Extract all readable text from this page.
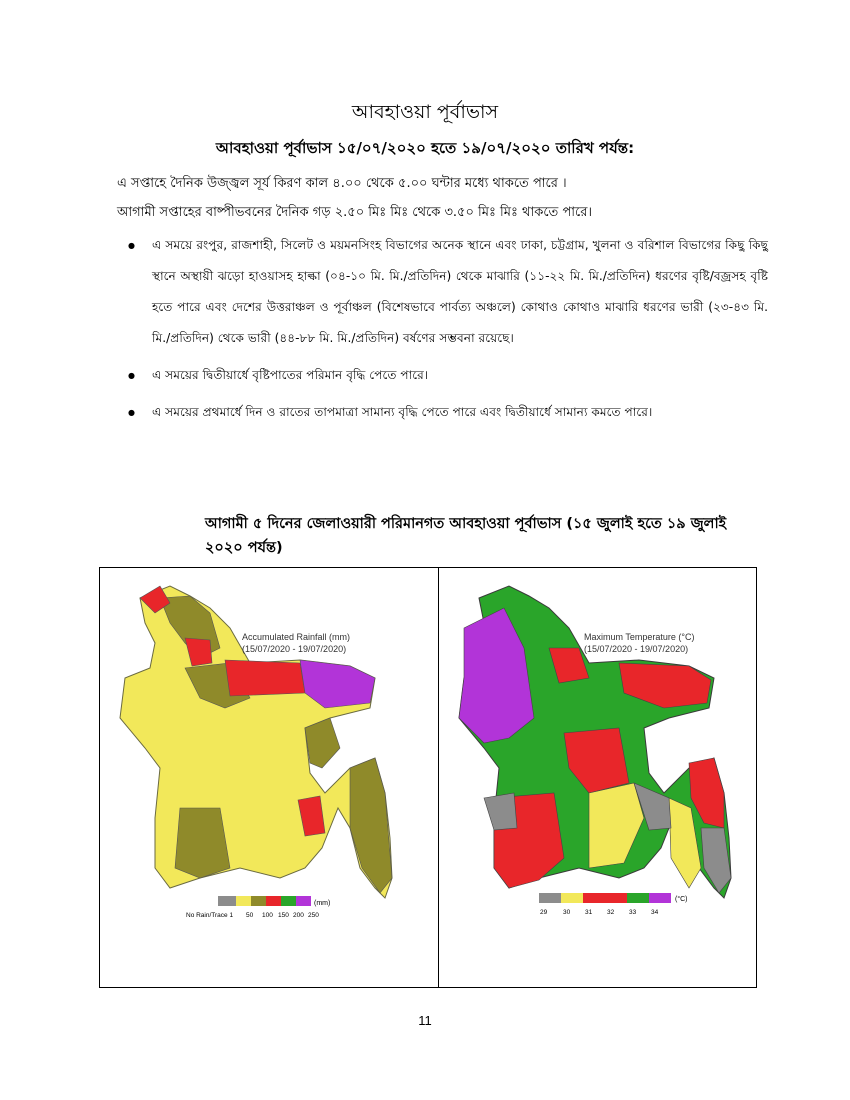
আবহাওয়া পূর্বাভাস
আবহাওয়া পূর্বাভাস ১৫/০৭/২০২০ হতে ১৯/০৭/২০২০ তারিখ পর্যন্ত:
এ সপ্তাহে দৈনিক উজ্জ্বল সূর্য কিরণ কাল ৪.০০ থেকে ৫.০০ ঘন্টার মধ্যে থাকতে পারে ।
আগামী সপ্তাহের বাষ্পীভবনের দৈনিক গড় ২.৫০ মিঃ মিঃ থেকে ৩.৫০ মিঃ মিঃ থাকতে পারে।
● এ সময়ে রংপুর, রাজশাহী, সিলেট ও ময়মনসিংহ বিভাগের অনেক স্থানে এবং ঢাকা, চট্টগ্রাম, খুলনা ও বরিশাল বিভাগের কিছু কিছু স্থানে অস্থায়ী ঝড়ো হাওয়াসহ হাল্কা (০৪-১০ মি. মি./প্রতিদিন) থেকে মাঝারি (১১-২২ মি. মি./প্রতিদিন) ধরণের বৃষ্টি/বজ্রসহ বৃষ্টি হতে পারে এবং দেশের উত্তরাঞ্চল ও পূর্বাঞ্চল (বিশেষভাবে পার্বত্য অঞ্চলে) কোথাও কোথাও মাঝারি ধরণের ভারী (২৩-৪৩ মি. মি./প্রতিদিন) থেকে ভারী (৪৪-৮৮ মি. মি./প্রতিদিন) বর্ষণের সম্ভবনা রয়েছে।
● এ সময়ের দ্বিতীয়ার্ধে বৃষ্টিপাতের পরিমান বৃদ্ধি পেতে পারে।
● এ সময়ের প্রথমার্ধে দিন ও রাতের তাপমাত্রা সামান্য বৃদ্ধি পেতে পারে এবং দ্বিতীয়ার্ধে সামান্য কমতে পারে।
আগামী ৫ দিনের জেলাওয়ারী পরিমানগত আবহাওয়া পূর্বাভাস (১৫ জুলাই হতে ১৯ জুলাই ২০২০ পর্যন্ত)
Accumulated Rainfall (mm)
(15/07/2020 - 19/07/2020)
(mm)
No Rain/Trace 1 50 100 150 200 250
Maximum Temperature (°C)
(15/07/2020 - 19/07/2020)
(°C)
29 30 31 32 33 34
11
